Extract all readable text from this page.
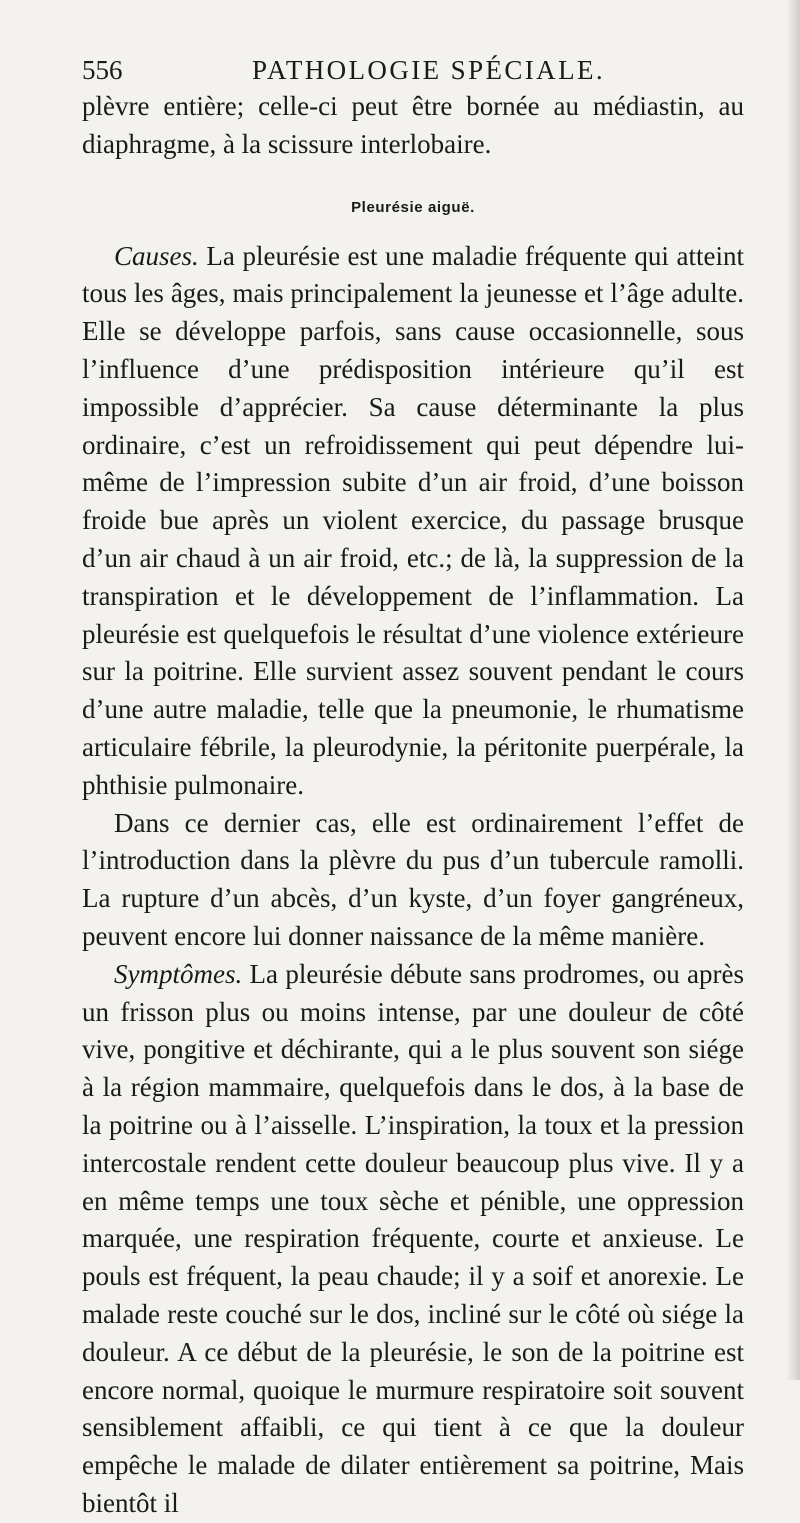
556	PATHOLOGIE SPÉCIALE.

plèvre entière; celle-ci peut être bornée au médiastin, au diaphragme, à la scissure interlobaire.

Pleurésie aiguë.

Causes. La pleurésie est une maladie fréquente qui atteint tous les âges, mais principalement la jeunesse et l’âge adulte. Elle se développe parfois, sans cause occasionnelle, sous l’influence d’une prédisposition intérieure qu’il est impossible d’apprécier. Sa cause déterminante la plus ordinaire, c’est un refroidissement qui peut dépendre lui-même de l’impression subite d’un air froid, d’une boisson froide bue après un violent exercice, du passage brusque d’un air chaud à un air froid, etc.; de là, la suppression de la transpiration et le développement de l’inflammation. La pleurésie est quelquefois le résultat d’une violence extérieure sur la poitrine. Elle survient assez souvent pendant le cours d’une autre maladie, telle que la pneumonie, le rhumatisme articulaire fébrile, la pleurodynie, la péritonite puerpérale, la phthisie pulmonaire.

Dans ce dernier cas, elle est ordinairement l’effet de l’introduction dans la plèvre du pus d’un tubercule ramolli. La rupture d’un abcès, d’un kyste, d’un foyer gangréneux, peuvent encore lui donner naissance de la même manière.

Symptômes. La pleurésie débute sans prodromes, ou après un frisson plus ou moins intense, par une douleur de côté vive, pongitive et déchirante, qui a le plus souvent son siége à la région mammaire, quelquefois dans le dos, à la base de la poitrine ou à l’aisselle. L’inspiration, la toux et la pression intercostale rendent cette douleur beaucoup plus vive. Il y a en même temps une toux sèche et pénible, une oppression marquée, une respiration fréquente, courte et anxieuse. Le pouls est fréquent, la peau chaude; il y a soif et anorexie. Le malade reste couché sur le dos, incliné sur le côté où siége la douleur. A ce début de la pleurésie, le son de la poitrine est encore normal, quoique le murmure respiratoire soit souvent sensiblement affaibli, ce qui tient à ce que la douleur empêche le malade de dilater entièrement sa poitrine, Mais bientôt il
